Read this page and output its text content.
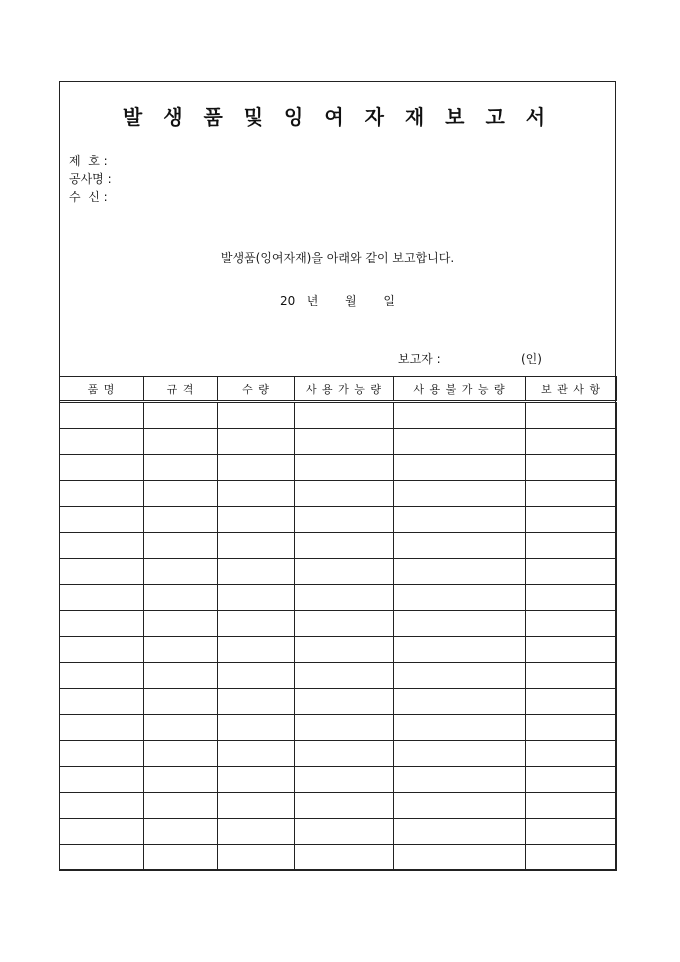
발 생 품 및 잉 여 자 재 보 고 서
제  호 :
공사명 :
수  신 :
발생품(잉여자재)을 아래와 같이 보고합니다.
20 년 월 일
보고자 :	(인)
품 명	규 격	수 량	사 용 가 능 량	사 용 불 가 능 량	보 관 사 항
